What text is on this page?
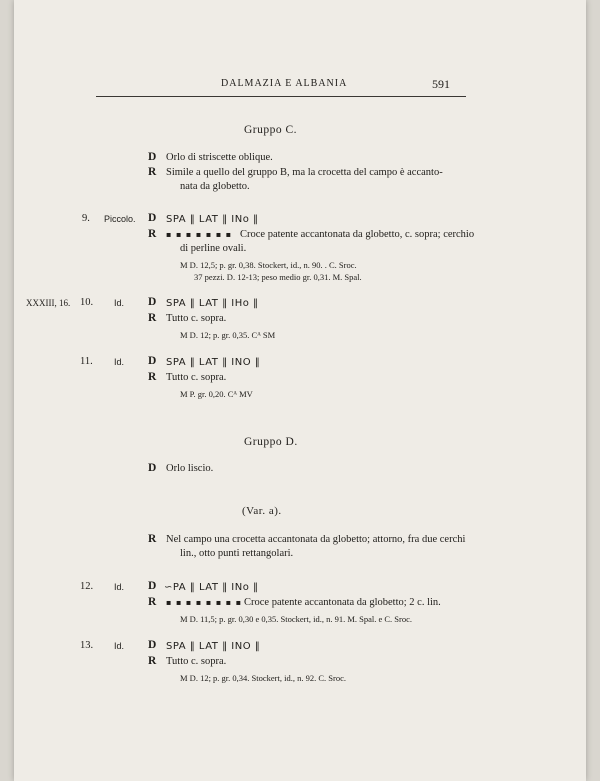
DALMAZIA E ALBANIA	591
Gruppo C.
D Orlo di striscette oblique.
R Simile a quello del gruppo B, ma la crocetta del campo è accanto-
nata da globetto.
9. Piccolo. D SPA ‖ LAT ‖ INo ‖
R ▪ ▪ ▪ ▪ ▪ ▪ ▪ Croce patente accantonata da globetto, c. sopra; cerchio
di perline ovali.
M D. 12,5; p. gr. 0,38. Stockert, id., n. 90. . C. Sroc.
37 pezzi. D. 12-13; peso medio gr. 0,31. M. Spal.
XXXIII, 16. 10. Id. D SPA ‖ LAT ‖ IHo ‖
R Tutto c. sopra.
M D. 12; p. gr. 0,35. Cᴬ SM
11. Id. D SPA ‖ LAT ‖ INO ‖
R Tutto c. sopra.
M P. gr. 0,20. Cᴬ MV
Gruppo D.
D Orlo liscio.
(Var. a).
R Nel campo una crocetta accantonata da globetto; attorno, fra due cerchi
lin., otto punti rettangolari.
12. Id. D ∽PA ‖ LAT ‖ INo ‖
R ▪ ▪ ▪ ▪ ▪ ▪ ▪ ▪ Croce patente accantonata da globetto; 2 c. lin.
M D. 11,5; p. gr. 0,30 e 0,35. Stockert, id., n. 91. M. Spal. e C. Sroc.
13. Id. D SPA ‖ LAT ‖ INO ‖
R Tutto c. sopra.
M D. 12; p. gr. 0,34. Stockert, id., n. 92. C. Sroc.
